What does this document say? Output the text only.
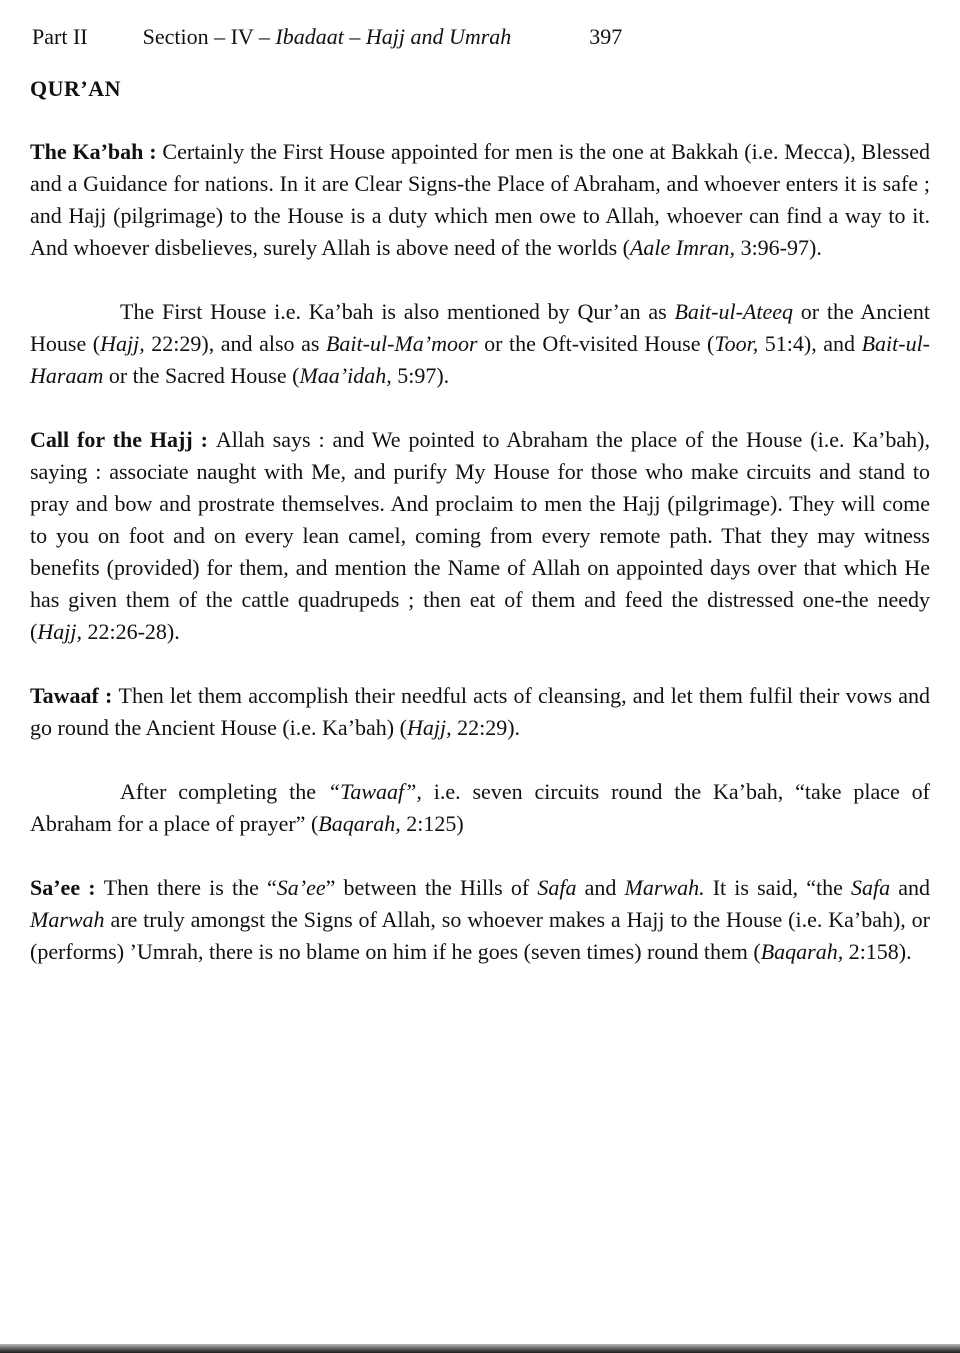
Part II	Section – IV – Ibadaat – Hajj and Umrah	397
QUR’AN

The Ka’bah : Certainly the First House appointed for men is the one at Bakkah (i.e. Mecca), Blessed and a Guidance for nations. In it are Clear Signs-the Place of Abraham, and whoever enters it is safe ; and Hajj (pilgrimage) to the House is a duty which men owe to Allah, whoever can find a way to it. And whoever disbelieves, surely Allah is above need of the worlds (Aale Imran, 3:96-97).

The First House i.e. Ka’bah is also mentioned by Qur’an as Bait-ul-Ateeq or the Ancient House (Hajj, 22:29), and also as Bait-ul-Ma’moor or the Oft-visited House (Toor, 51:4), and Bait-ul-Haraam or the Sacred House (Maa’idah, 5:97).

Call for the Hajj : Allah says : and We pointed to Abraham the place of the House (i.e. Ka’bah), saying : associate naught with Me, and purify My House for those who make circuits and stand to pray and bow and prostrate themselves. And proclaim to men the Hajj (pilgrimage). They will come to you on foot and on every lean camel, coming from every remote path. That they may witness benefits (provided) for them, and mention the Name of Allah on appointed days over that which He has given them of the cattle quadrupeds ; then eat of them and feed the distressed one-the needy (Hajj, 22:26-28).

Tawaaf : Then let them accomplish their needful acts of cleansing, and let them fulfil their vows and go round the Ancient House (i.e. Ka’bah) (Hajj, 22:29).

After completing the “Tawaaf”, i.e. seven circuits round the Ka’bah, “take place of Abraham for a place of prayer” (Baqarah, 2:125)

Sa’ee : Then there is the “Sa’ee” between the Hills of Safa and Marwah. It is said, “the Safa and Marwah are truly amongst the Signs of Allah, so whoever makes a Hajj to the House (i.e. Ka’bah), or (performs) ’Umrah, there is no blame on him if he goes (seven times) round them (Baqarah, 2:158).
